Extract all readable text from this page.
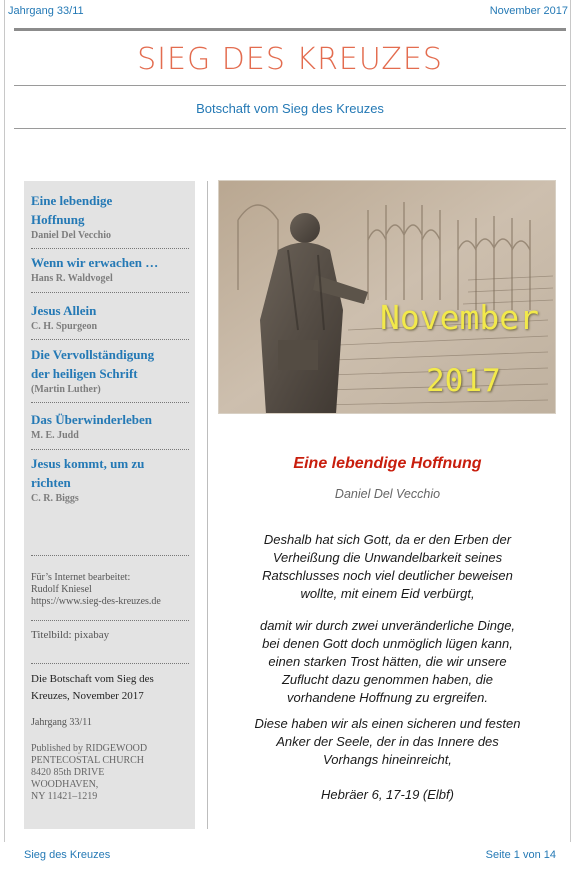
Jahrgang 33/11	November 2017
SIEG DES KREUZES
Botschaft vom Sieg des Kreuzes
Eine lebendige
Hoffnung
Daniel Del Vecchio
Wenn wir erwachen …
Hans R. Waldvogel
Jesus Allein
C. H. Spurgeon
Die Vervollständigung
der heiligen Schrift
(Martin Luther)
Das Überwinderleben
M. E. Judd
Jesus kommt, um zu
richten
C. R. Biggs
Für’s Internet bearbeitet:
Rudolf Kniesel
https://www.sieg-des-kreuzes.de
Titelbild: pixabay
Die Botschaft vom Sieg des
Kreuzes, November 2017
Jahrgang 33/11
Published by RIDGEWOOD
PENTECOSTAL CHURCH
8420 85th DRIVE
WOODHAVEN,
NY 11421–1219
November
2017
Eine lebendige Hoffnung
Daniel Del Vecchio
Deshalb hat sich Gott, da er den Erben der
Verheißung die Unwandelbarkeit seines
Ratschlusses noch viel deutlicher beweisen
wollte, mit einem Eid verbürgt,
damit wir durch zwei unveränderliche Dinge,
bei denen Gott doch unmöglich lügen kann,
einen starken Trost hätten, die wir unsere
Zuflucht dazu genommen haben, die
vorhandene Hoffnung zu ergreifen.
Diese haben wir als einen sicheren und festen
Anker der Seele, der in das Innere des
Vorhangs hineinreicht,
Hebräer 6, 17-19 (Elbf)
Sieg des Kreuzes	Seite 1 von 14
